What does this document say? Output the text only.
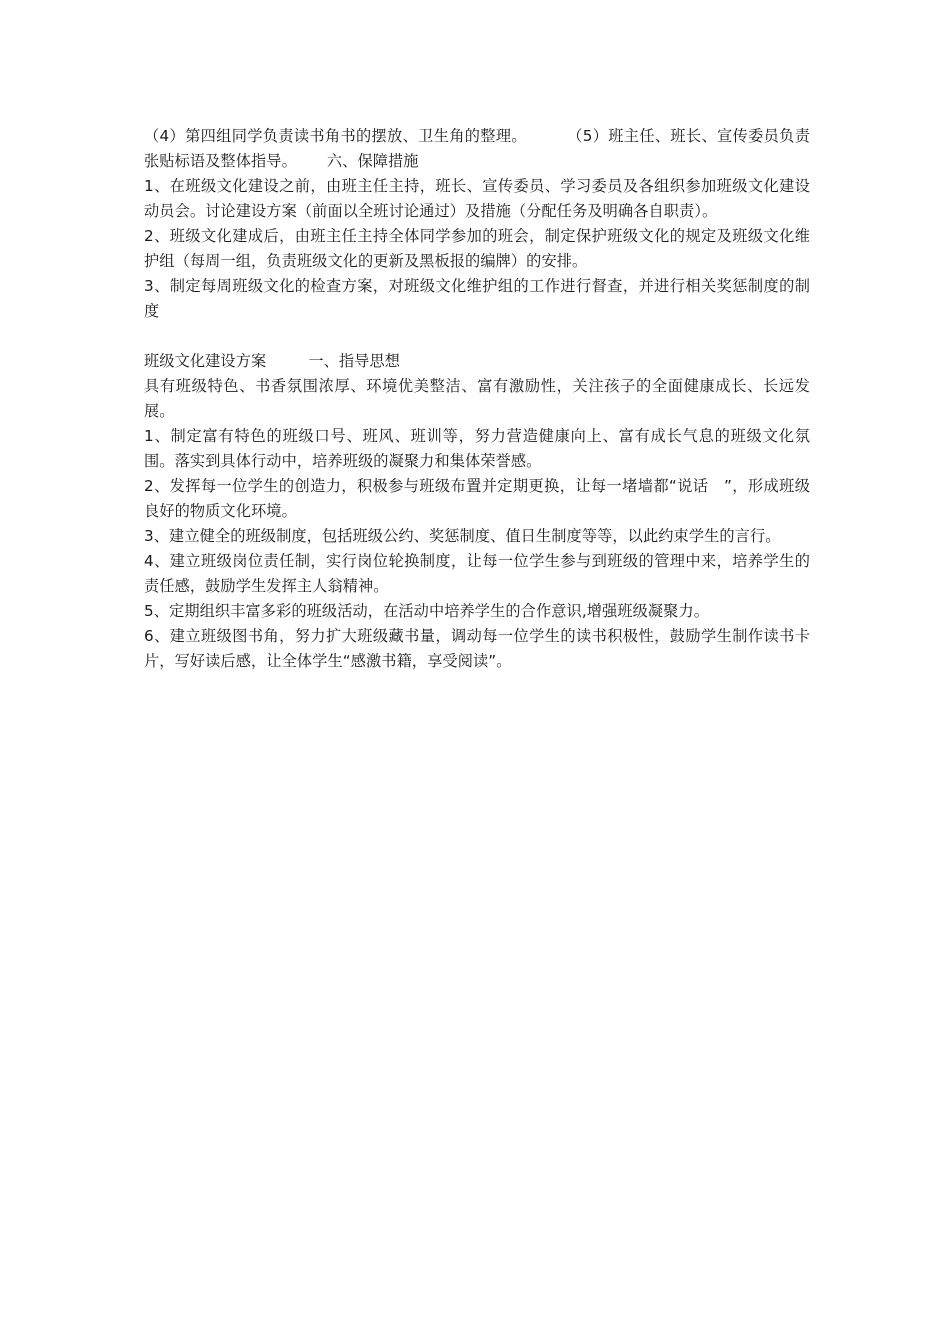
（4）第四组同学负责读书角书的摆放、卫生角的整理。	（5）班主任、班长、宣传委员负责张贴标语及整体指导。 六、保障措施

1、在班级文化建设之前，由班主任主持，班长、宣传委员、学习委员及各组织参加班级文化建设动员会。讨论建设方案（前面以全班讨论通过）及措施（分配任务及明确各自职责）。

2、班级文化建成后，由班主任主持全体同学参加的班会，制定保护班级文化的规定及班级文化维护组（每周一组，负责班级文化的更新及黑板报的编牌）的安排。

3、制定每周班级文化的检查方案，对班级文化维护组的工作进行督查，并进行相关奖惩制度的制度

班级文化建设方案	一、指导思想

具有班级特色、书香氛围浓厚、环境优美整洁、富有激励性，关注孩子的全面健康成长、长远发展。

1、制定富有特色的班级口号、班风、班训等，努力营造健康向上、富有成长气息的班级文化氛围。落实到具体行动中，培养班级的凝聚力和集体荣誉感。

2、发挥每一位学生的创造力，积极参与班级布置并定期更换，让每一堵墙都“说话　”，形成班级良好的物质文化环境。

3、建立健全的班级制度，包括班级公约、奖惩制度、值日生制度等等，以此约束学生的言行。

4、建立班级岗位责任制，实行岗位轮换制度，让每一位学生参与到班级的管理中来，培养学生的责任感，鼓励学生发挥主人翁精神。

5、定期组织丰富多彩的班级活动，在活动中培养学生的合作意识,增强班级凝聚力。

6、建立班级图书角，努力扩大班级藏书量，调动每一位学生的读书积极性，鼓励学生制作读书卡片，写好读后感，让全体学生“感激书籍，享受阅读”。
